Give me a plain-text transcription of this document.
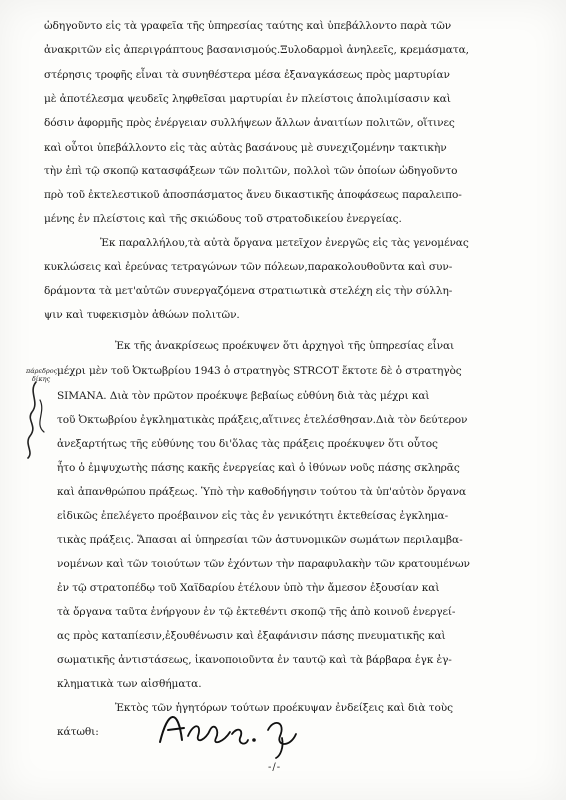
ὡδηγοῦντο εἰς τὰ γραφεῖα τῆς ὑπηρεσίας ταύτης καὶ ὑπεβάλλοντο παρὰ τῶν
ἀνακριτῶν εἰς ἀπεριγράπτους βασανισμούς.Ξυλοδαρμοὶ ἀνηλεεῖς, κρεμάσματα,
στέρησις τροφῆς εἶναι τὰ συνηθέστερα μέσα ἐξαναγκάσεως πρὸς μαρτυρίαν
μὲ ἀποτέλεσμα ψευδεῖς ληφθεῖσαι μαρτυρίαι ἐν πλείστοις ἀπολιμίσασιν καὶ
δόσιν ἀφορμῆς πρὸς ἐνέργειαν συλλήψεων ἄλλων ἀναιτίων πολιτῶν, οἵτινες
καὶ οὗτοι ὑπεβάλλοντο εἰς τὰς αὐτὰς βασάνους μὲ συνεχιζομένην τακτικὴν
τὴν ἐπὶ τῷ σκοπῷ κατασφάξεων τῶν πολιτῶν, πολλοὶ τῶν ὁποίων ὡδηγοῦντο
πρὸ τοῦ ἐκτελεστικοῦ ἀποσπάσματος ἄνευ δικαστικῆς ἀποφάσεως παραλειπο-
μένης ἐν πλείστοις καὶ τῆς σκιώδους τοῦ στρατοδικείου ἐνεργείας.
Ἐκ παραλλήλου,τὰ αὐτὰ ὄργανα μετεῖχον ἐνεργῶς εἰς τὰς γενομένας
κυκλώσεις καὶ ἐρεύνας τετραγώνων τῶν πόλεων,παρακολουθοῦντα καὶ συν-
δράμοντα τὰ μετ'αὐτῶν συνεργαζόμενα στρατιωτικὰ στελέχη εἰς τὴν σύλλη-
ψιν καὶ τυφεκισμὸν ἀθώων πολιτῶν.
Ἐκ τῆς ἀνακρίσεως προέκυψεν ὅτι ἀρχηγοὶ τῆς ὑπηρεσίας εἶναι
μέχρι μὲν τοῦ Ὀκτωβρίου 1943 ὁ στρατηγὸς STRCOT ἔκτοτε δὲ ὁ στρατηγὸς
SIMANA. Διὰ τὸν πρῶτον προέκυψε βεβαίως εὐθύνη διὰ τὰς μέχρι καὶ
τοῦ Ὀκτωβρίου ἐγκληματικὰς πράξεις,αἵτινες ἐτελέσθησαν.Διὰ τὸν δεύτερον
ἀνεξαρτήτως τῆς εὐθύνης του δι'ὅλας τὰς πράξεις προέκυψεν ὅτι οὗτος
ἦτο ὁ ἐμψυχωτὴς πάσης κακῆς ἐνεργείας καὶ ὁ ἰθύνων νοῦς πάσης σκληρᾶς
καὶ ἀπανθρώπου πράξεως. Ὑπὸ τὴν καθοδήγησιν τούτου τὰ ὑπ'αὐτὸν ὄργανα
εἰδικῶς ἐπελέγετο προέβαινον εἰς τὰς ἐν γενικότητι ἐκτεθείσας ἐγκλημα-
τικὰς πράξεις. Ἅπασαι αἱ ὑπηρεσίαι τῶν ἀστυνομικῶν σωμάτων περιλαμβα-
νομένων καὶ τῶν τοιούτων τῶν ἐχόντων τὴν παραφυλακὴν τῶν κρατουμένων
ἐν τῷ στρατοπέδῳ τοῦ Χαϊδαρίου ἐτέλουν ὑπὸ τὴν ἄμεσον ἐξουσίαν καὶ
τὰ ὄργανα ταῦτα ἐνήργουν ἐν τῷ ἐκτεθέντι σκοπῷ τῆς ἀπὸ κοινοῦ ἐνεργεί-
ας πρὸς καταπίεσιν,ἐξουθένωσιν καὶ ἐξαφάνισιν πάσης πνευματικῆς καὶ
σωματικῆς ἀντιστάσεως, ἱκανοποιοῦντα ἐν ταυτῷ καὶ τὰ βάρβαρα ἐγκ ἐγ-
κληματικὰ των αἰσθήματα.
Ἐκτὸς τῶν ἡγητόρων τούτων προέκυψαν ἐνδείξεις καὶ διὰ τοὺς
κάτωθι:
πάρεδρος δίκης
-/-
